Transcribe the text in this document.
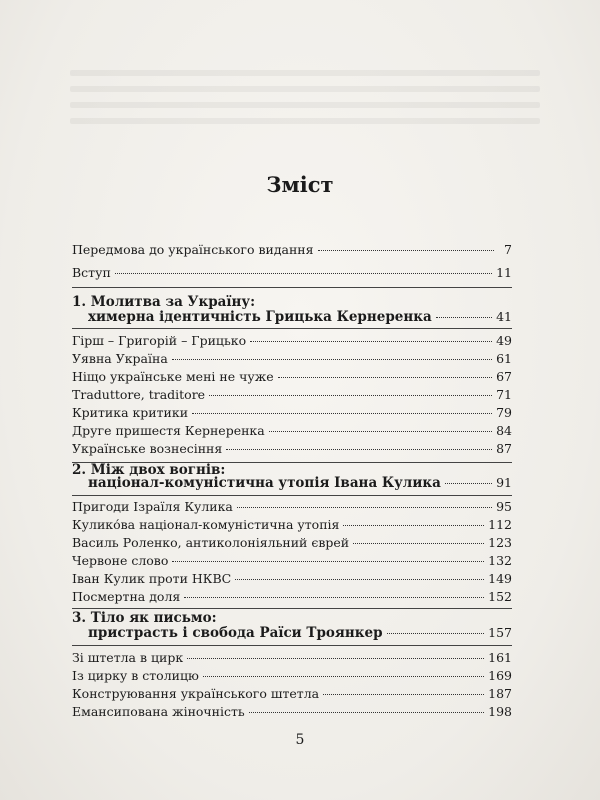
Зміст
Передмова до українського видання	7
Вступ	11
1. Молитва за Україну:
химерна ідентичність Грицька Кернеренка	41
Гірш – Григорій – Грицько	49
Уявна Україна	61
Ніщо українське мені не чуже	67
Traduttore, traditore	71
Критика критики	79
Друге пришестя Кернеренка	84
Українське вознесіння	87
2. Між двох вогнів:
націонал-комуністична утопія Івана Кулика	91
Пригоди Ізраїля Кулика	95
Кулико́ва націонал-комуністична утопія	112
Василь Роленко, антиколоніяльний єврей	123
Червоне слово	132
Іван Кулик проти НКВС	149
Посмертна доля	152
3. Тіло як письмо:
пристрасть і свобода Раїси Троянкер	157
Зі штетла в цирк	161
Із цирку в столицю	169
Конструювання українського штетла	187
Емансипована жіночність	198
5
